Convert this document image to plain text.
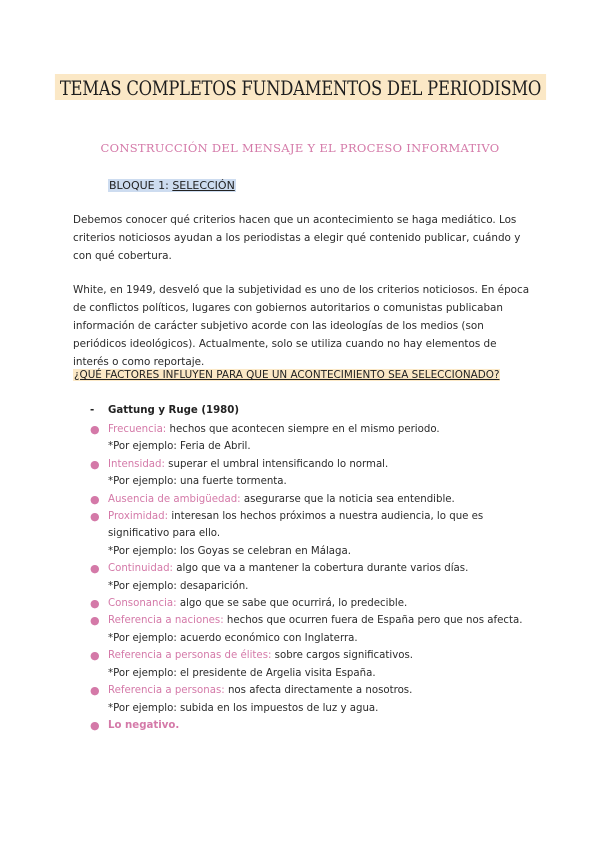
TEMAS COMPLETOS FUNDAMENTOS DEL PERIODISMO
CONSTRUCCIÓN DEL MENSAJE Y EL PROCESO INFORMATIVO
BLOQUE 1: SELECCIÓN

Debemos conocer qué criterios hacen que un acontecimiento se haga mediático. Los criterios noticiosos ayudan a los periodistas a elegir qué contenido publicar, cuándo y con qué cobertura.

White, en 1949, desveló que la subjetividad es uno de los criterios noticiosos. En época de conflictos políticos, lugares con gobiernos autoritarios o comunistas publicaban información de carácter subjetivo acorde con las ideologías de los medios (son periódicos ideológicos). Actualmente, solo se utiliza cuando no hay elementos de interés o como reportaje.

¿QUÉ FACTORES INFLUYEN PARA QUE UN ACONTECIMIENTO SEA SELECCIONADO?
- Gattung y Ruge (1980)
● Frecuencia: hechos que acontecen siempre en el mismo periodo.
*Por ejemplo: Feria de Abril.
● Intensidad: superar el umbral intensificando lo normal.
*Por ejemplo: una fuerte tormenta.
● Ausencia de ambigüedad: asegurarse que la noticia sea entendible.
● Proximidad: interesan los hechos próximos a nuestra audiencia, lo que es significativo para ello.
*Por ejemplo: los Goyas se celebran en Málaga.
● Continuidad: algo que va a mantener la cobertura durante varios días.
*Por ejemplo: desaparición.
● Consonancia: algo que se sabe que ocurrirá, lo predecible.
● Referencia a naciones: hechos que ocurren fuera de España pero que nos afecta.
*Por ejemplo: acuerdo económico con Inglaterra.
● Referencia a personas de élites: sobre cargos significativos.
*Por ejemplo: el presidente de Argelia visita España.
● Referencia a personas: nos afecta directamente a nosotros.
*Por ejemplo: subida en los impuestos de luz y agua.
● Lo negativo.
